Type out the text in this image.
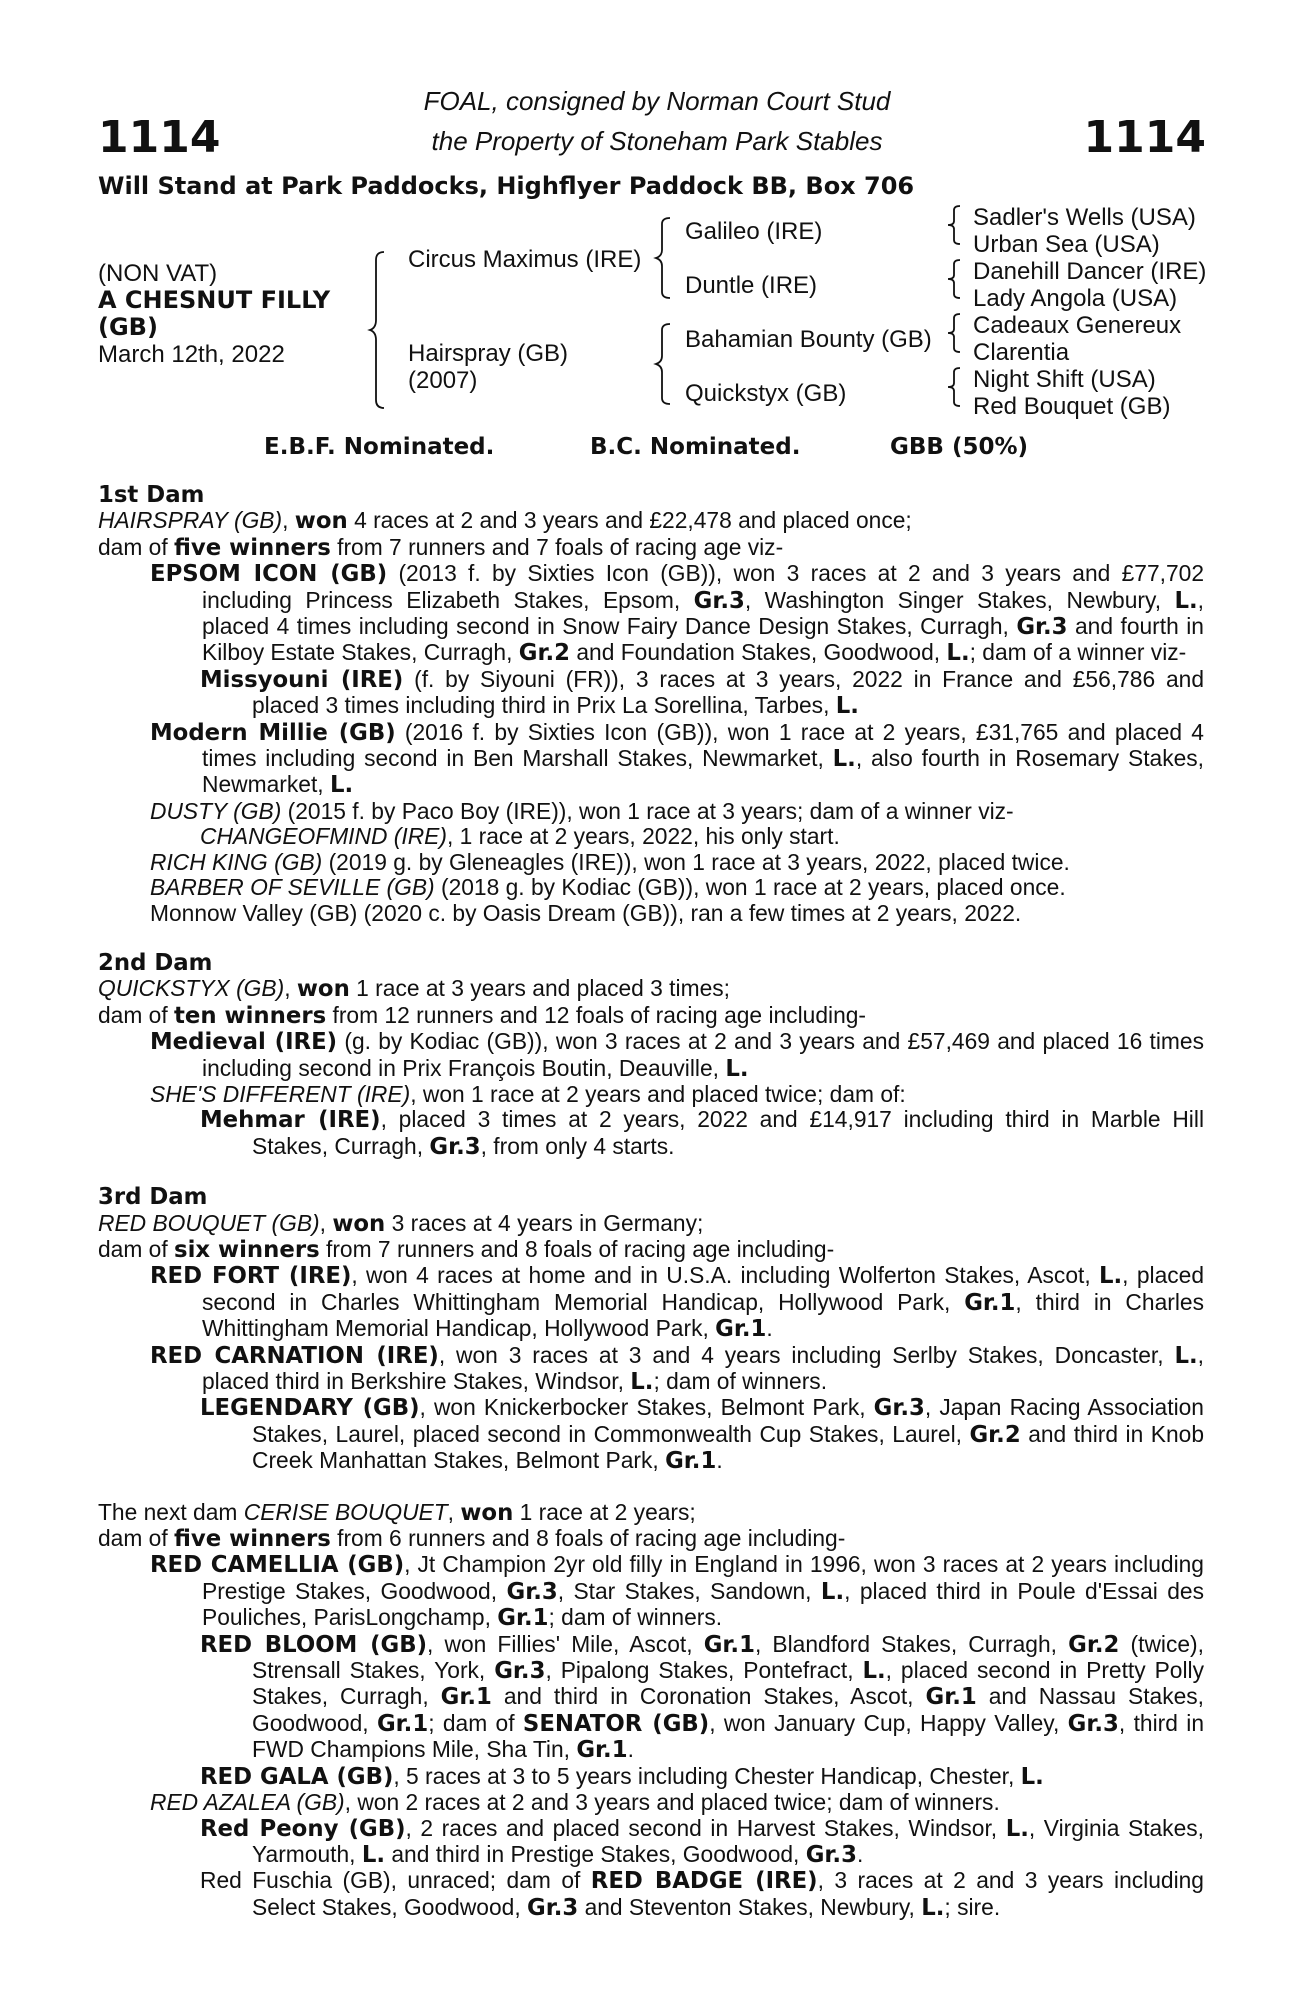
1114	1114
FOAL, consigned by Norman Court Stud
the Property of Stoneham Park Stables
Will Stand at Park Paddocks, Highflyer Paddock BB, Box 706
(NON VAT)
A CHESNUT FILLY
(GB)
March 12th, 2022
Circus Maximus (IRE)
Hairspray (GB)
(2007)
Galileo (IRE)
Duntle (IRE)
Bahamian Bounty (GB)
Quickstyx (GB)
Sadler's Wells (USA)
Urban Sea (USA)
Danehill Dancer (IRE)
Lady Angola (USA)
Cadeaux Genereux
Clarentia
Night Shift (USA)
Red Bouquet (GB)
E.B.F. Nominated.	B.C. Nominated.	GBB (50%)
1st Dam
HAIRSPRAY (GB), won 4 races at 2 and 3 years and £22,478 and placed once;
dam of five winners from 7 runners and 7 foals of racing age viz-
EPSOM ICON (GB) (2013 f. by Sixties Icon (GB)), won 3 races at 2 and 3 years and £77,702 including Princess Elizabeth Stakes, Epsom, Gr.3, Washington Singer Stakes, Newbury, L., placed 4 times including second in Snow Fairy Dance Design Stakes, Curragh, Gr.3 and fourth in Kilboy Estate Stakes, Curragh, Gr.2 and Foundation Stakes, Goodwood, L.; dam of a winner viz-
Missyouni (IRE) (f. by Siyouni (FR)), 3 races at 3 years, 2022 in France and £56,786 and placed 3 times including third in Prix La Sorellina, Tarbes, L.
Modern Millie (GB) (2016 f. by Sixties Icon (GB)), won 1 race at 2 years, £31,765 and placed 4 times including second in Ben Marshall Stakes, Newmarket, L., also fourth in Rosemary Stakes, Newmarket, L.
DUSTY (GB) (2015 f. by Paco Boy (IRE)), won 1 race at 3 years; dam of a winner viz-
CHANGEOFMIND (IRE), 1 race at 2 years, 2022, his only start.
RICH KING (GB) (2019 g. by Gleneagles (IRE)), won 1 race at 3 years, 2022, placed twice.
BARBER OF SEVILLE (GB) (2018 g. by Kodiac (GB)), won 1 race at 2 years, placed once.
Monnow Valley (GB) (2020 c. by Oasis Dream (GB)), ran a few times at 2 years, 2022.
2nd Dam
QUICKSTYX (GB), won 1 race at 3 years and placed 3 times;
dam of ten winners from 12 runners and 12 foals of racing age including-
Medieval (IRE) (g. by Kodiac (GB)), won 3 races at 2 and 3 years and £57,469 and placed 16 times including second in Prix François Boutin, Deauville, L.
SHE'S DIFFERENT (IRE), won 1 race at 2 years and placed twice; dam of:
Mehmar (IRE), placed 3 times at 2 years, 2022 and £14,917 including third in Marble Hill Stakes, Curragh, Gr.3, from only 4 starts.
3rd Dam
RED BOUQUET (GB), won 3 races at 4 years in Germany;
dam of six winners from 7 runners and 8 foals of racing age including-
RED FORT (IRE), won 4 races at home and in U.S.A. including Wolferton Stakes, Ascot, L., placed second in Charles Whittingham Memorial Handicap, Hollywood Park, Gr.1, third in Charles Whittingham Memorial Handicap, Hollywood Park, Gr.1.
RED CARNATION (IRE), won 3 races at 3 and 4 years including Serlby Stakes, Doncaster, L., placed third in Berkshire Stakes, Windsor, L.; dam of winners.
LEGENDARY (GB), won Knickerbocker Stakes, Belmont Park, Gr.3, Japan Racing Association Stakes, Laurel, placed second in Commonwealth Cup Stakes, Laurel, Gr.2 and third in Knob Creek Manhattan Stakes, Belmont Park, Gr.1.
The next dam CERISE BOUQUET, won 1 race at 2 years;
dam of five winners from 6 runners and 8 foals of racing age including-
RED CAMELLIA (GB), Jt Champion 2yr old filly in England in 1996, won 3 races at 2 years including Prestige Stakes, Goodwood, Gr.3, Star Stakes, Sandown, L., placed third in Poule d'Essai des Pouliches, ParisLongchamp, Gr.1; dam of winners.
RED BLOOM (GB), won Fillies' Mile, Ascot, Gr.1, Blandford Stakes, Curragh, Gr.2 (twice), Strensall Stakes, York, Gr.3, Pipalong Stakes, Pontefract, L., placed second in Pretty Polly Stakes, Curragh, Gr.1 and third in Coronation Stakes, Ascot, Gr.1 and Nassau Stakes, Goodwood, Gr.1; dam of SENATOR (GB), won January Cup, Happy Valley, Gr.3, third in FWD Champions Mile, Sha Tin, Gr.1.
RED GALA (GB), 5 races at 3 to 5 years including Chester Handicap, Chester, L.
RED AZALEA (GB), won 2 races at 2 and 3 years and placed twice; dam of winners.
Red Peony (GB), 2 races and placed second in Harvest Stakes, Windsor, L., Virginia Stakes, Yarmouth, L. and third in Prestige Stakes, Goodwood, Gr.3.
Red Fuschia (GB), unraced; dam of RED BADGE (IRE), 3 races at 2 and 3 years including Select Stakes, Goodwood, Gr.3 and Steventon Stakes, Newbury, L.; sire.
